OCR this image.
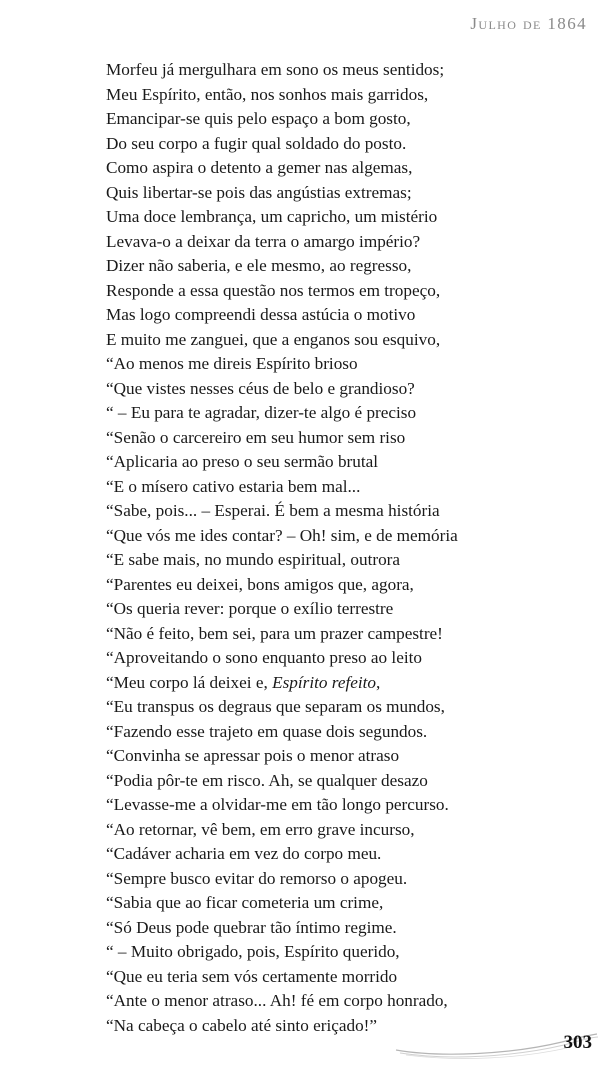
Julho de 1864
Morfeu já mergulhara em sono os meus sentidos;
Meu Espírito, então, nos sonhos mais garridos,
Emancipar-se quis pelo espaço a bom gosto,
Do seu corpo a fugir qual soldado do posto.
Como aspira o detento a gemer nas algemas,
Quis libertar-se pois das angústias extremas;
Uma doce lembrança, um capricho, um mistério
Levava-o a deixar da terra o amargo império?
Dizer não saberia, e ele mesmo, ao regresso,
Responde a essa questão nos termos em tropeço,
Mas logo compreendi dessa astúcia o motivo
E muito me zanguei, que a enganos sou esquivo,
“Ao menos me direis Espírito brioso
“Que vistes nesses céus de belo e grandioso?
“ – Eu para te agradar, dizer-te algo é preciso
“Senão o carcereiro em seu humor sem riso
“Aplicaria ao preso o seu sermão brutal
“E o mísero cativo estaria bem mal...
“Sabe, pois... – Esperai. É bem a mesma história
“Que vós me ides contar? – Oh! sim, e de memória
“E sabe mais, no mundo espiritual, outrora
“Parentes eu deixei, bons amigos que, agora,
“Os queria rever: porque o exílio terrestre
“Não é feito, bem sei, para um prazer campestre!
“Aproveitando o sono enquanto preso ao leito
“Meu corpo lá deixei e, Espírito refeito,
“Eu transpus os degraus que separam os mundos,
“Fazendo esse trajeto em quase dois segundos.
“Convinha se apressar pois o menor atraso
“Podia pôr-te em risco. Ah, se qualquer desazo
“Levasse-me a olvidar-me em tão longo percurso.
“Ao retornar, vê bem, em erro grave incurso,
“Cadáver acharia em vez do corpo meu.
“Sempre busco evitar do remorso o apogeu.
“Sabia que ao ficar cometeria um crime,
“Só Deus pode quebrar tão íntimo regime.
“ – Muito obrigado, pois, Espírito querido,
“Que eu teria sem vós certamente morrido
“Ante o menor atraso... Ah! fé em corpo honrado,
“Na cabeça o cabelo até sinto eriçado!”
303
